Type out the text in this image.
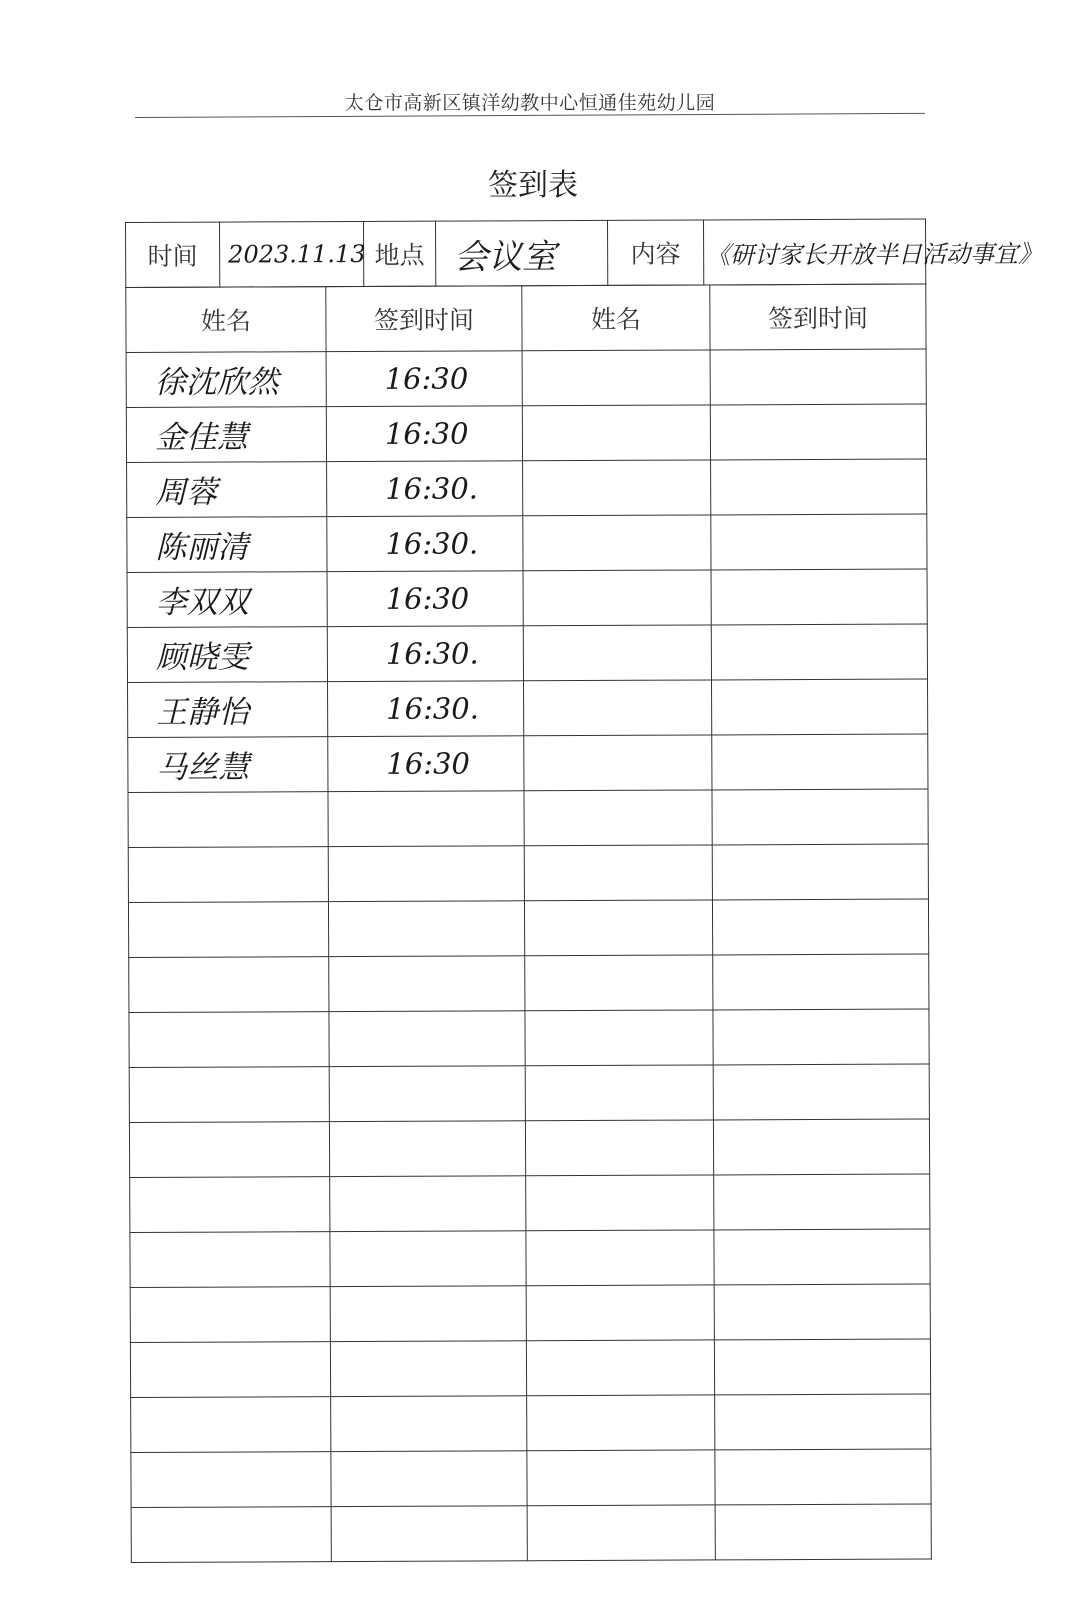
太仓市高新区镇洋幼教中心恒通佳苑幼儿园
签到表
时间	2023.11.13	地点	会议室	内容	《研讨家长开放半日活动事宜》
姓名	签到时间	姓名	签到时间
徐沈欣然	16:30		
金佳慧	16:30		
周蓉	16:30.		
陈丽清	16:30.		
李双双	16:30		
顾晓雯	16:30.		
王静怡	16:30.		
马丝慧	16:30		
